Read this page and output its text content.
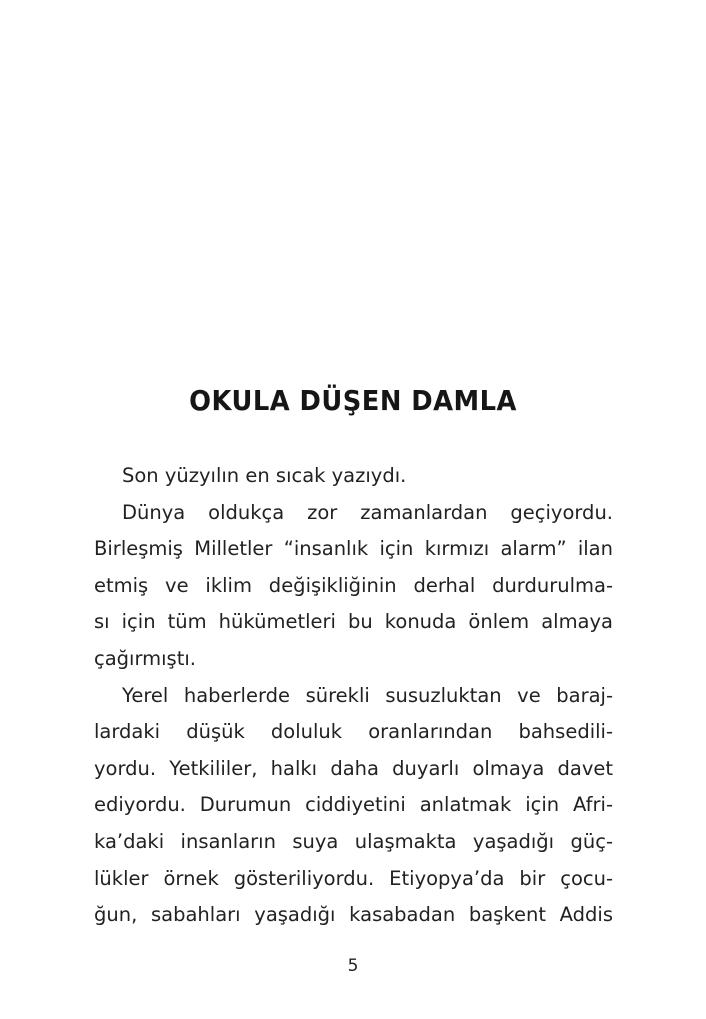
OKULA DÜŞEN DAMLA
Son yüzyılın en sıcak yazıydı.
Dünya oldukça zor zamanlardan geçiyordu.
Birleşmiş Milletler “insanlık için kırmızı alarm” ilan
etmiş ve iklim değişikliğinin derhal durdurulma-
sı için tüm hükümetleri bu konuda önlem almaya
çağırmıştı.
Yerel haberlerde sürekli susuzluktan ve baraj-
lardaki düşük doluluk oranlarından bahsedili-
yordu. Yetkililer, halkı daha duyarlı olmaya davet
ediyordu. Durumun ciddiyetini anlatmak için Afri-
ka’daki insanların suya ulaşmakta yaşadığı güç-
lükler örnek gösteriliyordu. Etiyopya’da bir çocu-
ğun, sabahları yaşadığı kasabadan başkent Addis
5
